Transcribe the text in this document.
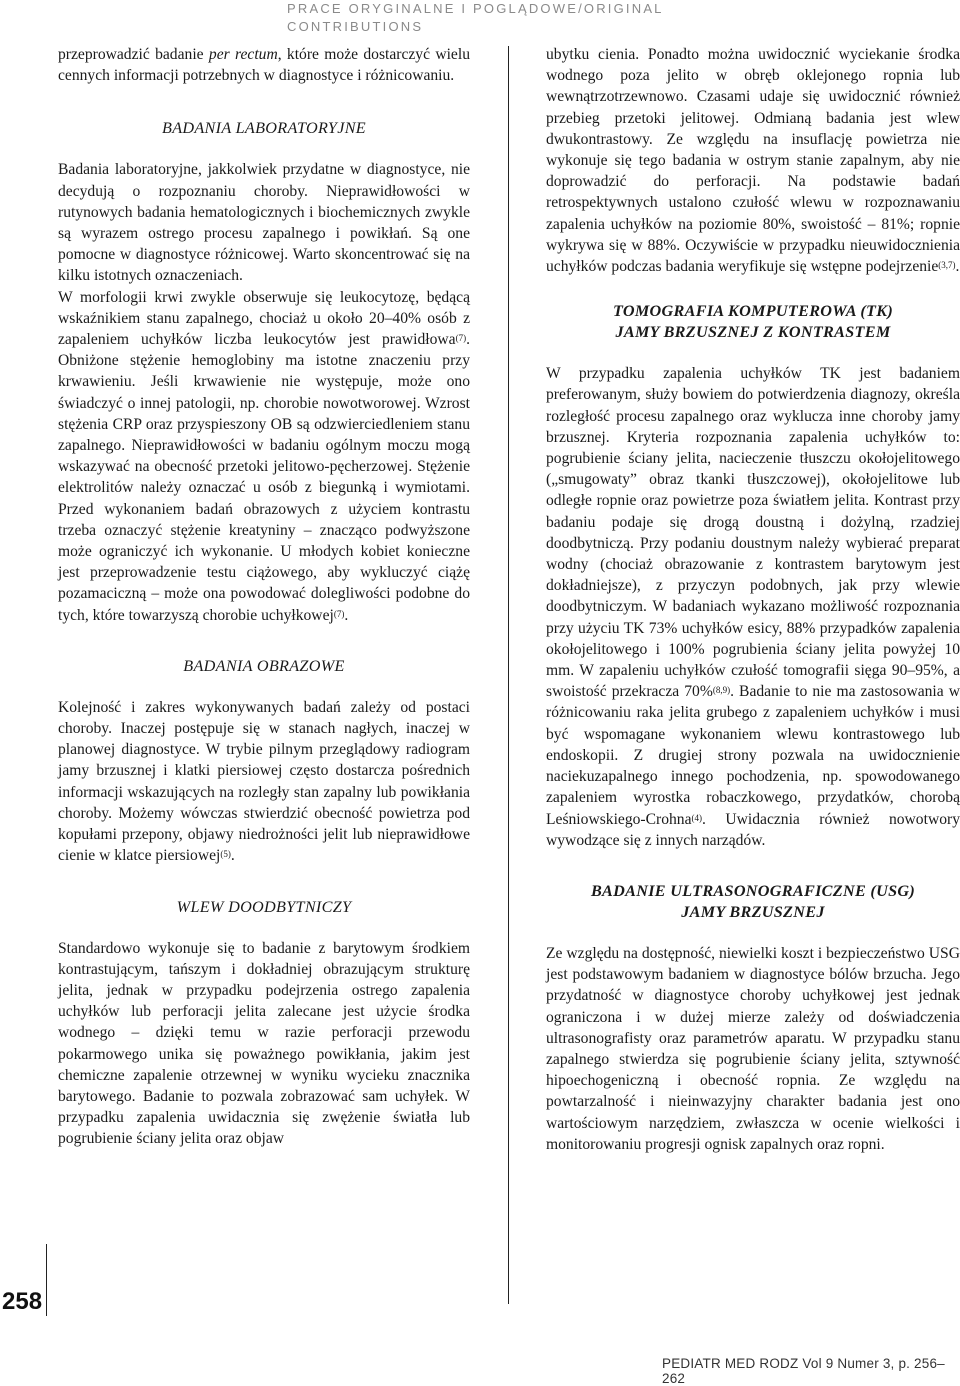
PRACE ORYGINALNE I POGLĄDOWE/ORIGINAL CONTRIBUTIONS
258

przeprowadzić badanie per rectum, które może dostarczyć wielu cennych informacji potrzebnych w diagnostyce i różnicowaniu.

BADANIA LABORATORYJNE

Badania laboratoryjne, jakkolwiek przydatne w diagnostyce, nie decydują o rozpoznaniu choroby. Nieprawidłowości w rutynowych badania hematologicznych i biochemicznych zwykle są wyrazem ostrego procesu zapalnego i powikłań. Są one pomocne w diagnostyce różnicowej. Warto skoncentrować się na kilku istotnych oznaczeniach.

W morfologii krwi zwykle obserwuje się leukocytozę, będącą wskaźnikiem stanu zapalnego, chociaż u około 20–40% osób z zapaleniem uchyłków liczba leukocytów jest prawidłowa$^{(7)}$. Obniżone stężenie hemoglobiny ma istotne znaczeniu przy krwawieniu. Jeśli krwawienie nie występuje, może ono świadczyć o innej patologii, np. chorobie nowotworowej. Wzrost stężenia CRP oraz przyspieszony OB są odzwierciedleniem stanu zapalnego. Nieprawidłowości w badaniu ogólnym moczu mogą wskazywać na obecność przetoki jelitowo-pęcherzowej. Stężenie elektrolitów należy oznaczać u osób z biegunką i wymiotami. Przed wykonaniem badań obrazowych z użyciem kontrastu trzeba oznaczyć stężenie kreatyniny – znacząco podwyższone może ograniczyć ich wykonanie. U młodych kobiet konieczne jest przeprowadzenie testu ciążowego, aby wykluczyć ciążę pozamaciczną – może ona powodować dolegliwości podobne do tych, które towarzyszą chorobie uchyłkowej$^{(7)}$.

BADANIA OBRAZOWE

Kolejność i zakres wykonywanych badań zależy od postaci choroby. Inaczej postępuje się w stanach nagłych, inaczej w planowej diagnostyce. W trybie pilnym przeglądowy radiogram jamy brzusznej i klatki piersiowej często dostarcza pośrednich informacji wskazujących na rozległy stan zapalny lub powikłania choroby. Możemy wówczas stwierdzić obecność powietrza pod kopułami przepony, objawy niedrożności jelit lub nieprawidłowe cienie w klatce piersiowej$^{(5)}$.

WLEW DOODBYTNICZY

Standardowo wykonuje się to badanie z barytowym środkiem kontrastującym, tańszym i dokładniej obrazującym strukturę jelita, jednak w przypadku podejrzenia ostrego zapalenia uchyłków lub perforacji jelita zalecane jest użycie środka wodnego – dzięki temu w razie perforacji przewodu pokarmowego unika się poważnego powikłania, jakim jest chemiczne zapalenie otrzewnej w wyniku wycieku znacznika barytowego. Badanie to pozwala zobrazować sam uchyłek. W przypadku zapalenia uwidacznia się zwężenie światła lub pogrubienie ściany jelita oraz objaw

ubytku cienia. Ponadto można uwidocznić wyciekanie środka wodnego poza jelito w obręb oklejonego ropnia lub wewnątrzotrzewnowo. Czasami udaje się uwidocznić również przebieg przetoki jelitowej. Odmianą badania jest wlew dwukontrastowy. Ze względu na insuflację powietrza nie wykonuje się tego badania w ostrym stanie zapalnym, aby nie doprowadzić do perforacji. Na podstawie badań retrospektywnych ustalono czułość wlewu w rozpoznawaniu zapalenia uchyłków na poziomie 80%, swoistość – 81%; ropnie wykrywa się w 88%. Oczywiście w przypadku nieuwidocznienia uchyłków podczas badania weryfikuje się wstępne podejrzenie$^{(3,7)}$.

TOMOGRAFIA KOMPUTEROWA (TK)
JAMY BRZUSZNEJ Z KONTRASTEM

W przypadku zapalenia uchyłków TK jest badaniem preferowanym, służy bowiem do potwierdzenia diagnozy, określa rozległość procesu zapalnego oraz wyklucza inne choroby jamy brzusznej. Kryteria rozpoznania zapalenia uchyłków to: pogrubienie ściany jelita, nacieczenie tłuszczu okołojelitowego („smugowaty” obraz tkanki tłuszczowej), okołojelitowe lub odległe ropnie oraz powietrze poza światłem jelita. Kontrast przy badaniu podaje się drogą doustną i dożylną, rzadziej doodbytniczą. Przy podaniu doustnym należy wybierać preparat wodny (chociaż obrazowanie z kontrastem barytowym jest dokładniejsze), z przyczyn podobnych, jak przy wlewie doodbytniczym. W badaniach wykazano możliwość rozpoznania przy użyciu TK 73% uchyłków esicy, 88% przypadków zapalenia okołojelitowego i 100% pogrubienia ściany jelita powyżej 10 mm. W zapaleniu uchyłków czułość tomografii sięga 90–95%, a swoistość przekracza 70%$^{(8,9)}$. Badanie to nie ma zastosowania w różnicowaniu raka jelita grubego z zapaleniem uchyłków i musi być wspomagane wykonaniem wlewu kontrastowego lub endoskopii. Z drugiej strony pozwala na uwidocznienie naciekuzapalnego innego pochodzenia, np. spowodowanego zapaleniem wyrostka robaczkowego, przydatków, chorobą Leśniowskiego-Crohna$^{(4)}$. Uwidacznia również nowotwory wywodzące się z innych narządów.

BADANIE ULTRASONOGRAFICZNE (USG)
JAMY BRZUSZNEJ

Ze względu na dostępność, niewielki koszt i bezpieczeństwo USG jest podstawowym badaniem w diagnostyce bólów brzucha. Jego przydatność w diagnostyce choroby uchyłkowej jest jednak ograniczona i w dużej mierze zależy od doświadczenia ultrasonografisty oraz parametrów aparatu. W przypadku stanu zapalnego stwierdza się pogrubienie ściany jelita, sztywność hipoechogeniczną i obecność ropnia. Ze względu na powtarzalność i nieinwazyjny charakter badania jest ono wartościowym narzędziem, zwłaszcza w ocenie wielkości i monitorowaniu progresji ognisk zapalnych oraz ropni.

PEDIATR MED RODZ Vol 9 Numer 3, p. 256–262
